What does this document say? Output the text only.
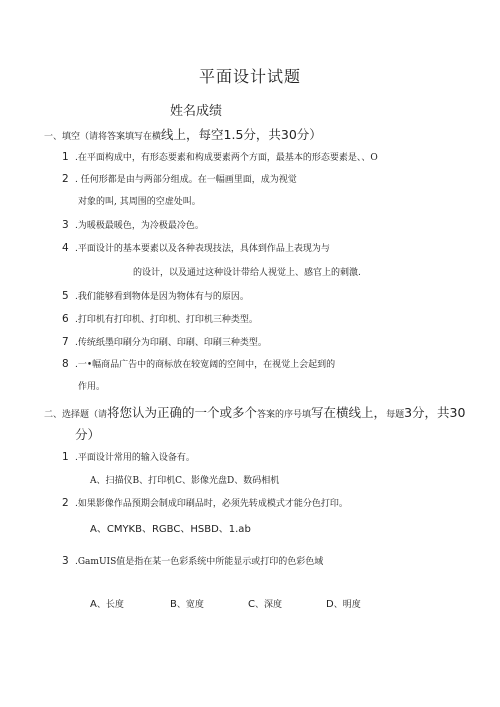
平面设计试题
姓名成绩
一、填空（请将答案填写在横线上，每空1.5分，共30分）
1 .在平面构成中，有形态要素和构成要素两个方面，最基本的形态要素是、、O
2 . 任何形都是由与两部分组成。在一幅画里面，成为视觉
对象的叫, 其周围的空虚处叫。
3 .为暖极最暖色，为冷极最冷色。
4 .平面设计的基本要素以及各种表现技法，具体到作品上表现为与
的设计，以及通过这种设计带给人视觉上、感官上的刺激.
5 .我们能够看到物体是因为物体有与的原因。
6 .打印机有打印机、打印机、打印机三种类型。
7 .传统纸墨印刷分为印刷、印刷、印刷三种类型。
8 .一•幅商品广告中的商标放在较宽阔的空间中，在视觉上会起到的
作用。
二、选择题（请将您认为正确的一个或多个答案的序号填写在横线上，每题3分，共30
分）
1 .平面设计常用的输入设备有。
A、扫描仪B、打印机C、影像光盘D、数码相机
2 .如果影像作品预期会制成印刷品时，必须先转成模式才能分色打印。
A、CMYKB、RGBC、HSBD、1.ab
3 .GamUIS值是指在某一色彩系统中所能显示或打印的色彩色域
A、长度	B、宽度	C、深度	D、明度
